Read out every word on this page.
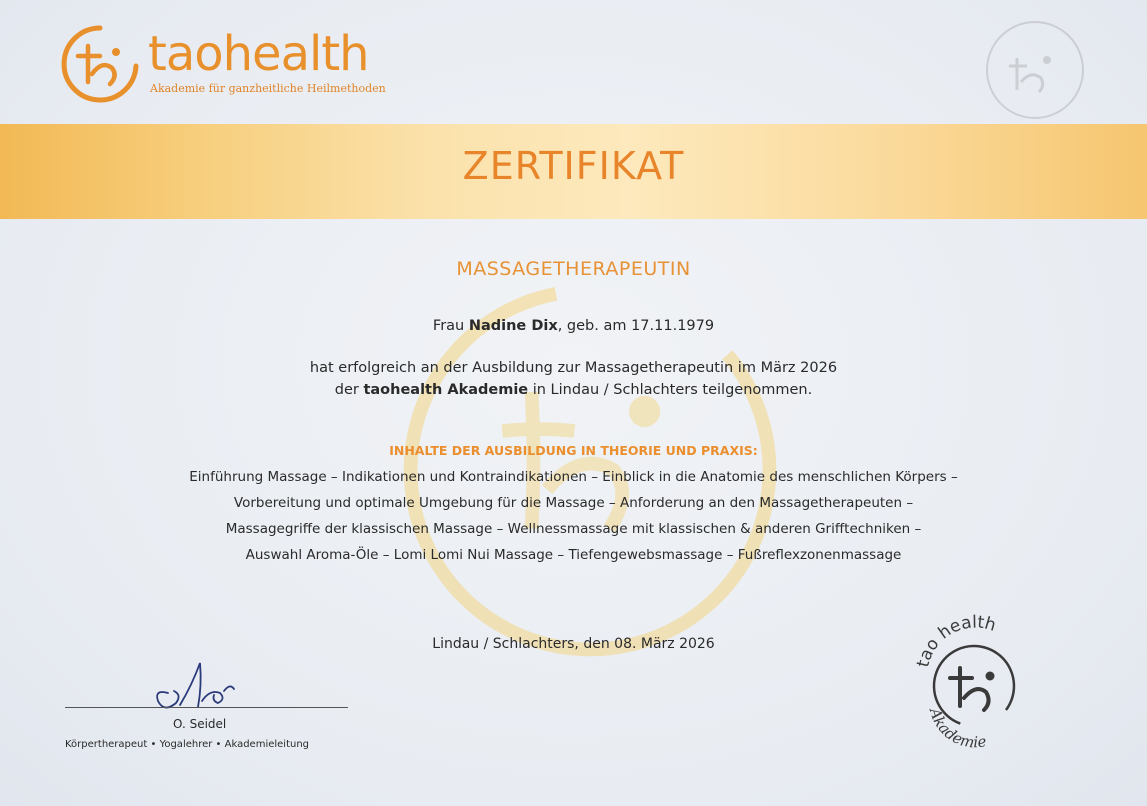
taohealth
Akademie für ganzheitliche Heilmethoden
ZERTIFIKAT
MASSAGETHERAPEUTIN
Frau Nadine Dix, geb. am 17.11.1979
hat erfolgreich an der Ausbildung zur Massagetherapeutin im März 2026
der taohealth Akademie in Lindau / Schlachters teilgenommen.
INHALTE DER AUSBILDUNG IN THEORIE UND PRAXIS:
Einführung Massage – Indikationen und Kontraindikationen – Einblick in die Anatomie des menschlichen Körpers –
Vorbereitung und optimale Umgebung für die Massage – Anforderung an den Massagetherapeuten –
Massagegriffe der klassischen Massage – Wellnessmassage mit klassischen & anderen Grifftechniken –
Auswahl Aroma-Öle – Lomi Lomi Nui Massage – Tiefengewebsmassage – Fußreflexzonenmassage
Lindau / Schlachters, den 08. März 2026
O. Seidel
Körpertherapeut • Yogalehrer • Akademieleitung
tao health
Akademie
